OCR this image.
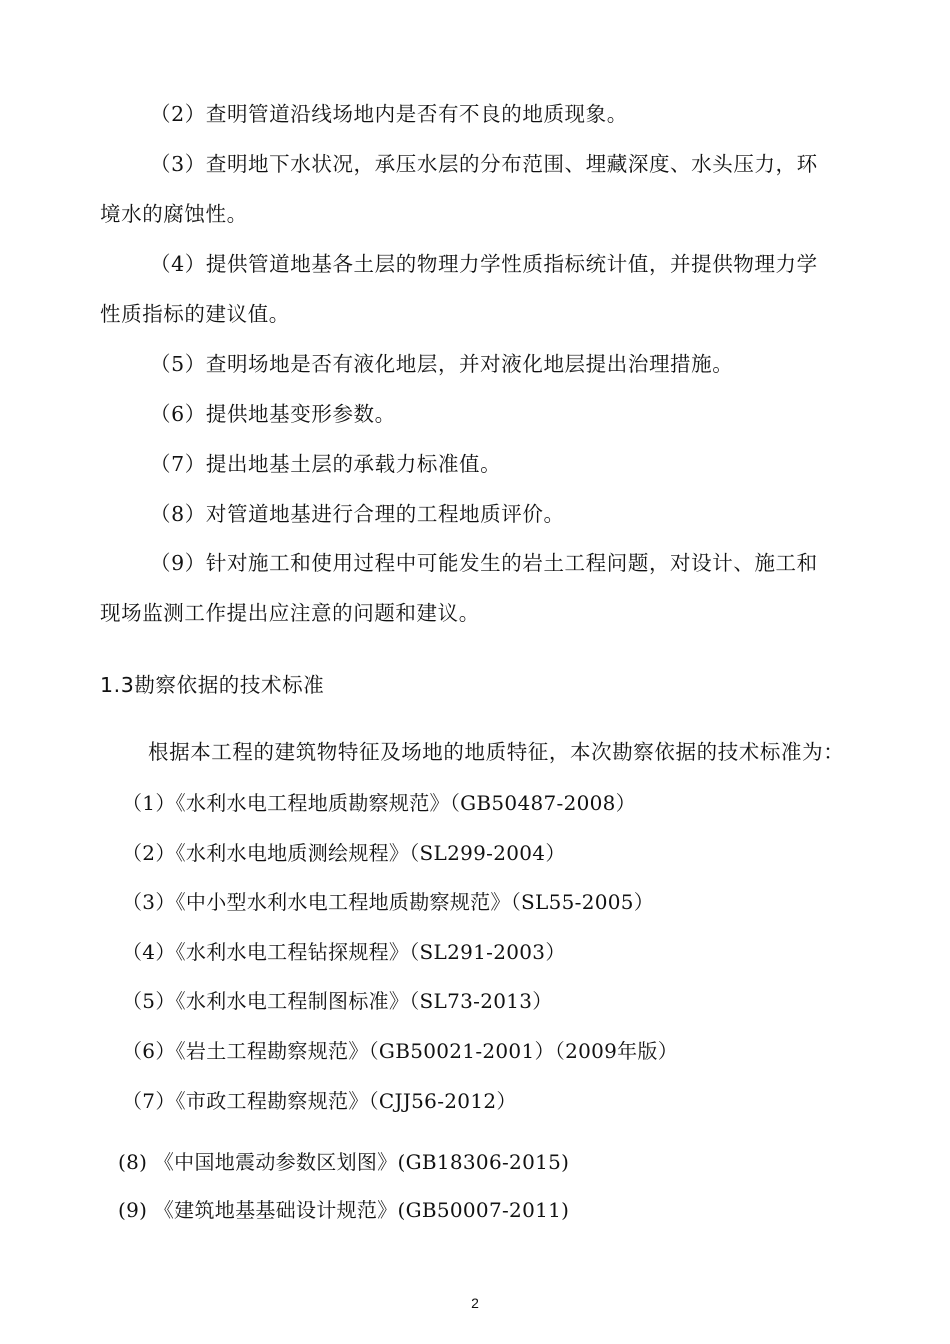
（2）查明管道沿线场地内是否有不良的地质现象。
（3）查明地下水状况，承压水层的分布范围、埋藏深度、水头压力，环
境水的腐蚀性。
（4）提供管道地基各土层的物理力学性质指标统计值，并提供物理力学
性质指标的建议值。
（5）查明场地是否有液化地层，并对液化地层提出治理措施。
（6）提供地基变形参数。
（7）提出地基土层的承载力标准值。
（8）对管道地基进行合理的工程地质评价。
（9）针对施工和使用过程中可能发生的岩土工程问题，对设计、施工和
现场监测工作提出应注意的问题和建议。
1.3勘察依据的技术标准
根据本工程的建筑物特征及场地的地质特征，本次勘察依据的技术标准为：
（1）《水利水电工程地质勘察规范》（GB50487-2008）
（2）《水利水电地质测绘规程》（SL299-2004）
（3）《中小型水利水电工程地质勘察规范》（SL55-2005）
（4）《水利水电工程钻探规程》（SL291-2003）
（5）《水利水电工程制图标准》（SL73-2013）
（6）《岩土工程勘察规范》（GB50021-2001）（2009年版）
（7）《市政工程勘察规范》（CJJ56-2012）
(8) 《中国地震动参数区划图》(GB18306-2015)
(9) 《建筑地基基础设计规范》(GB50007-2011)
2
